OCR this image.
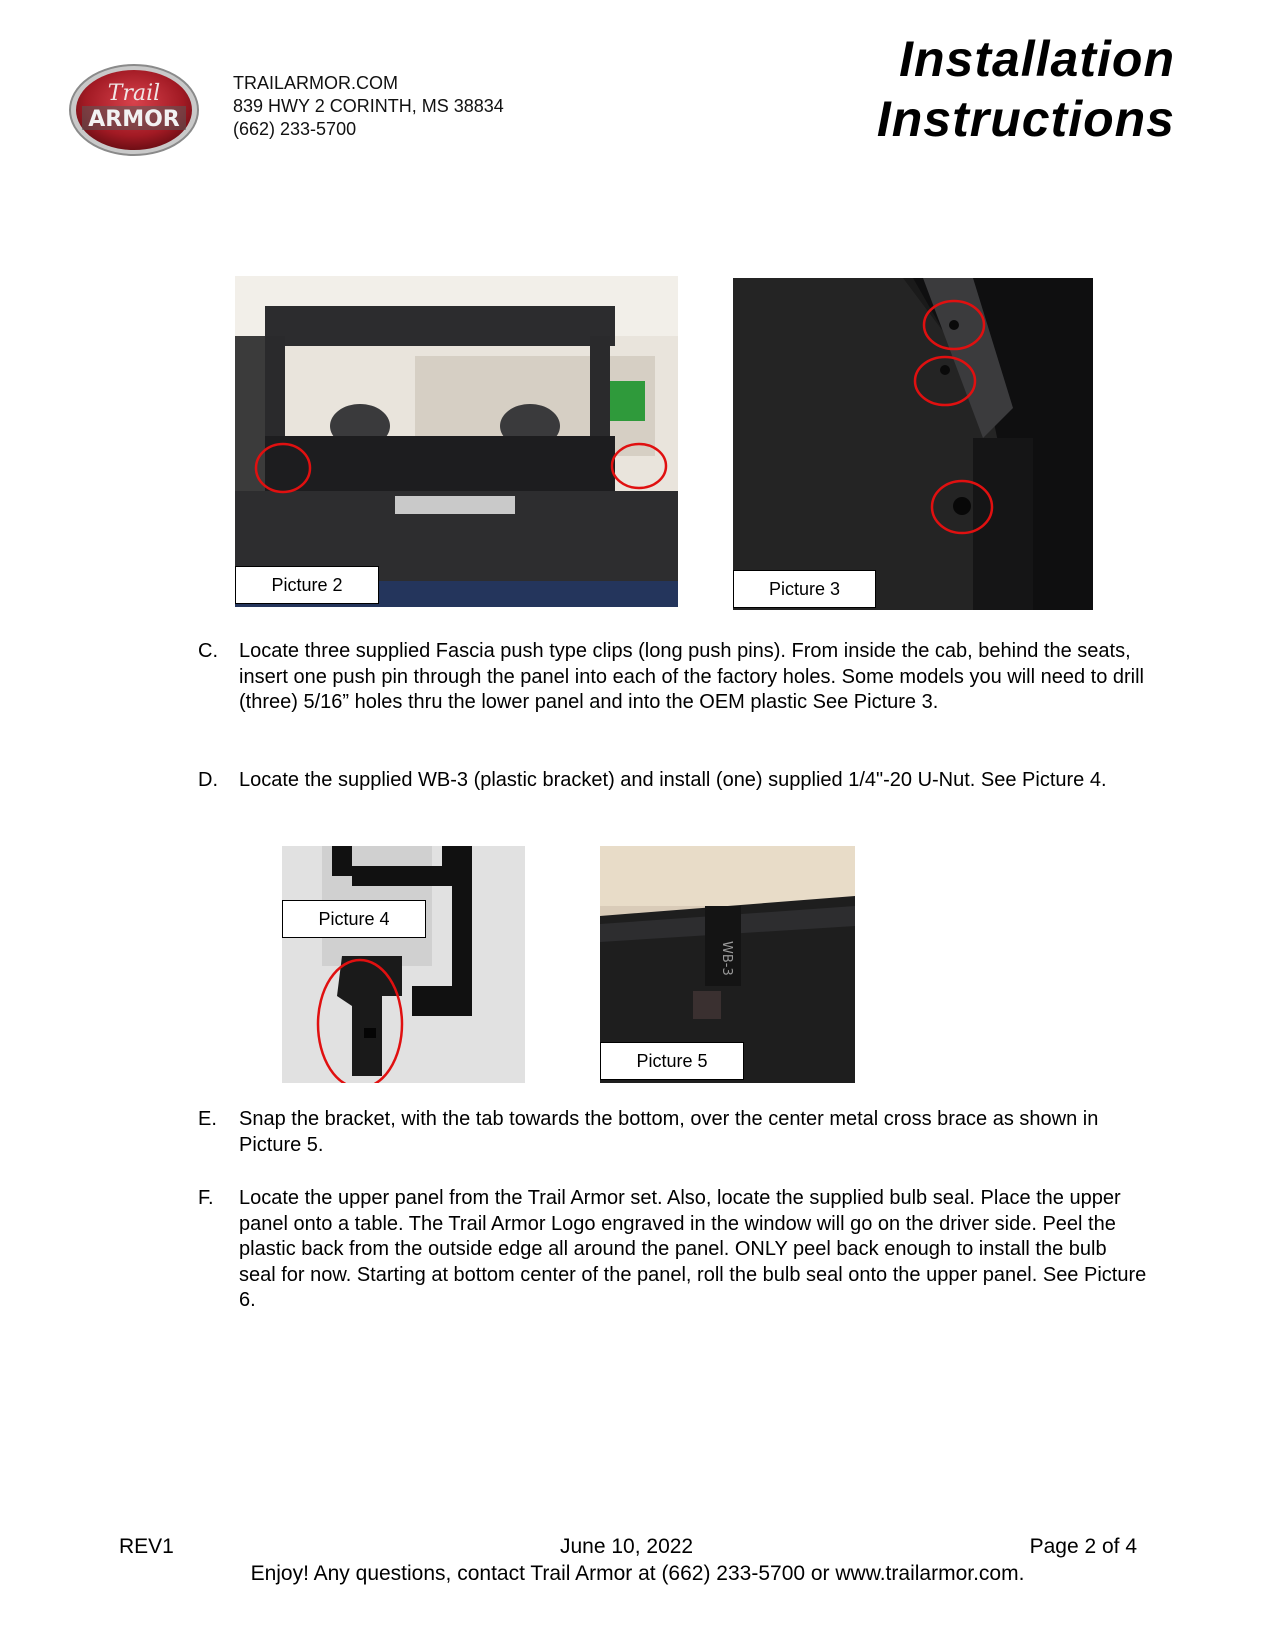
Trail
ARMOR
TRAILARMOR.COM
839 HWY 2 CORINTH, MS 38834
(662) 233-5700
Installation
Instructions
Picture 2	Picture 3
C. Locate three supplied Fascia push type clips (long push pins). From inside the cab, behind the seats, insert one push pin through the panel into each of the factory holes. Some models you will need to drill (three) 5/16” holes thru the lower panel and into the OEM plastic See Picture 3.
D. Locate the supplied WB-3 (plastic bracket) and install (one) supplied 1/4"-20 U-Nut. See Picture 4.
Picture 4
WB-3
Picture 5
E. Snap the bracket, with the tab towards the bottom, over the center metal cross brace as shown in Picture 5.
F. Locate the upper panel from the Trail Armor set. Also, locate the supplied bulb seal. Place the upper panel onto a table. The Trail Armor Logo engraved in the window will go on the driver side. Peel the plastic back from the outside edge all around the panel. ONLY peel back enough to install the bulb seal for now. Starting at bottom center of the panel, roll the bulb seal onto the upper panel. See Picture 6.
REV1	June 10, 2022	Page 2 of 4
Enjoy! Any questions, contact Trail Armor at (662) 233-5700 or www.trailarmor.com.
